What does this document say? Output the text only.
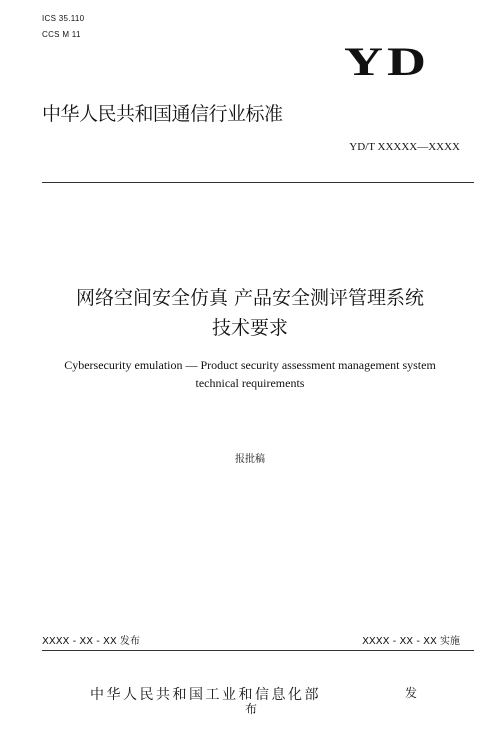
ICS 35.110
CCS M 11
YD
中华人民共和国通信行业标准
YD/T XXXXX—XXXX
网络空间安全仿真 产品安全测评管理系统
技术要求
Cybersecurity emulation — Product security assessment management system
technical requirements
报批稿
XXXX - XX - XX 发布	XXXX - XX - XX 实施
中华人民共和国工业和信息化部	发
布
